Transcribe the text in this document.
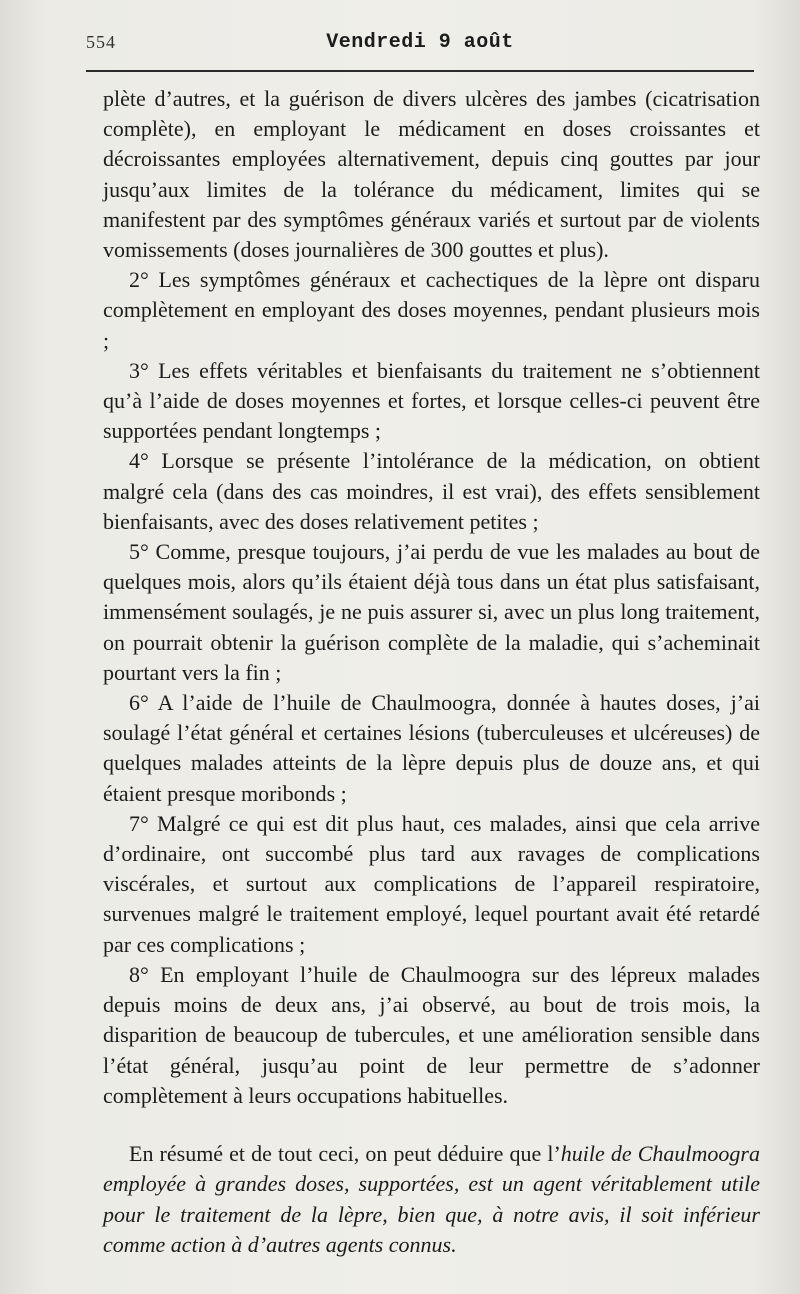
554	Vendredi 9 août

plète d’autres, et la guérison de divers ulcères des jambes (cicatrisation complète), en employant le médicament en doses croissantes et décroissantes employées alternativement, depuis cinq gouttes par jour jusqu’aux limites de la tolérance du médicament, limites qui se manifestent par des symptômes généraux variés et surtout par de violents vomissements (doses journalières de 300 gouttes et plus).

2° Les symptômes généraux et cachectiques de la lèpre ont disparu complètement en employant des doses moyennes, pendant plusieurs mois ;

3° Les effets véritables et bienfaisants du traitement ne s’obtiennent qu’à l’aide de doses moyennes et fortes, et lorsque celles-ci peuvent être supportées pendant longtemps ;

4° Lorsque se présente l’intolérance de la médication, on obtient malgré cela (dans des cas moindres, il est vrai), des effets sensiblement bienfaisants, avec des doses relativement petites ;

5° Comme, presque toujours, j’ai perdu de vue les malades au bout de quelques mois, alors qu’ils étaient déjà tous dans un état plus satisfaisant, immensément soulagés, je ne puis assurer si, avec un plus long traitement, on pourrait obtenir la guérison complète de la maladie, qui s’acheminait pourtant vers la fin ;

6° A l’aide de l’huile de Chaulmoogra, donnée à hautes doses, j’ai soulagé l’état général et certaines lésions (tuberculeuses et ulcéreuses) de quelques malades atteints de la lèpre depuis plus de douze ans, et qui étaient presque moribonds ;

7° Malgré ce qui est dit plus haut, ces malades, ainsi que cela arrive d’ordinaire, ont succombé plus tard aux ravages de complications viscérales, et surtout aux complications de l’appareil respiratoire, survenues malgré le traitement employé, lequel pourtant avait été retardé par ces complications ;

8° En employant l’huile de Chaulmoogra sur des lépreux malades depuis moins de deux ans, j’ai observé, au bout de trois mois, la disparition de beaucoup de tubercules, et une amélioration sensible dans l’état général, jusqu’au point de leur permettre de s’adonner complètement à leurs occupations habituelles.

En résumé et de tout ceci, on peut déduire que l’huile de Chaulmoogra employée à grandes doses, supportées, est un agent véritablement utile pour le traitement de la lèpre, bien que, à notre avis, il soit inférieur comme action à d’autres agents connus.
